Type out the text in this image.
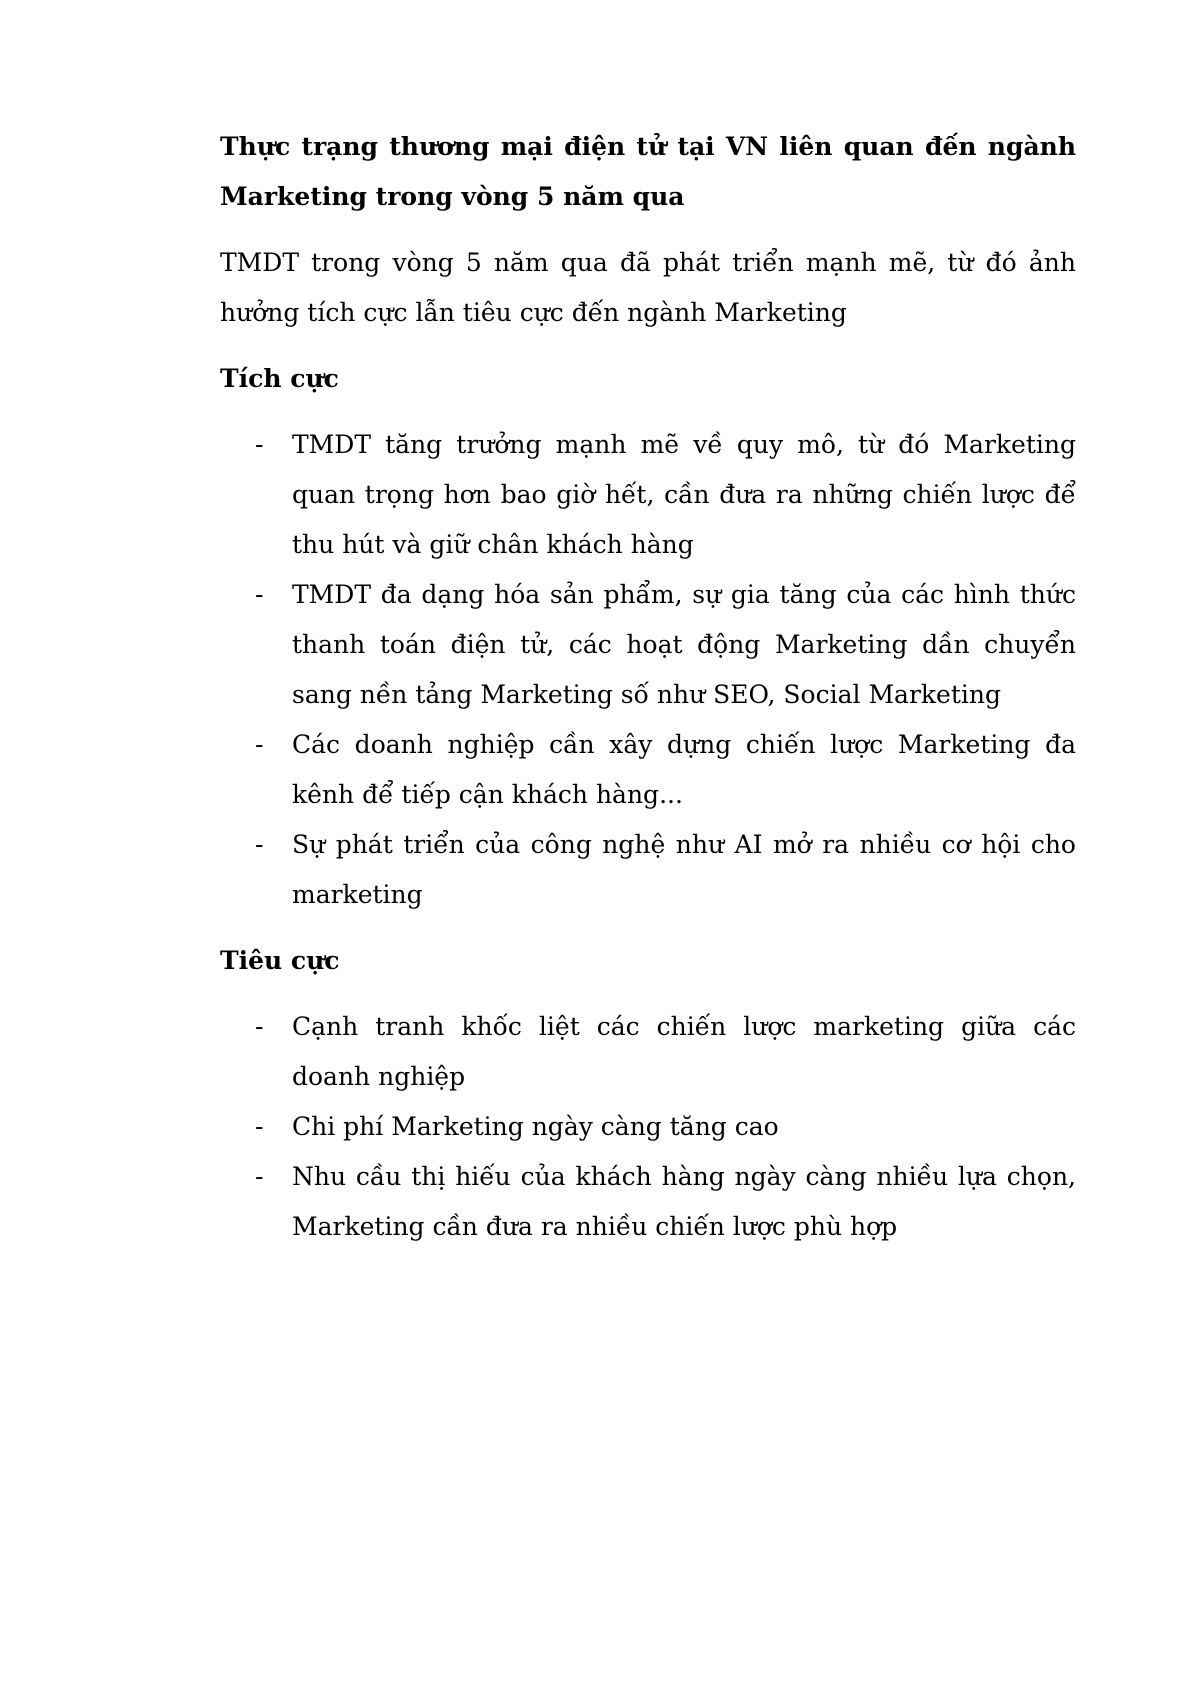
Thực trạng thương mại điện tử tại VN liên quan đến ngành Marketing trong vòng 5 năm qua

TMDT trong vòng 5 năm qua đã phát triển mạnh mẽ, từ đó ảnh hưởng tích cực lẫn tiêu cực đến ngành Marketing

Tích cực

- TMDT tăng trưởng mạnh mẽ về quy mô, từ đó Marketing quan trọng hơn bao giờ hết, cần đưa ra những chiến lược để thu hút và giữ chân khách hàng
- TMDT đa dạng hóa sản phẩm, sự gia tăng của các hình thức thanh toán điện tử, các hoạt động Marketing dần chuyển sang nền tảng Marketing số như SEO, Social Marketing
- Các doanh nghiệp cần xây dựng chiến lược Marketing đa kênh để tiếp cận khách hàng...
- Sự phát triển của công nghệ như AI mở ra nhiều cơ hội cho marketing

Tiêu cực

- Cạnh tranh khốc liệt các chiến lược marketing giữa các doanh nghiệp
- Chi phí Marketing ngày càng tăng cao
- Nhu cầu thị hiếu của khách hàng ngày càng nhiều lựa chọn, Marketing cần đưa ra nhiều chiến lược phù hợp
